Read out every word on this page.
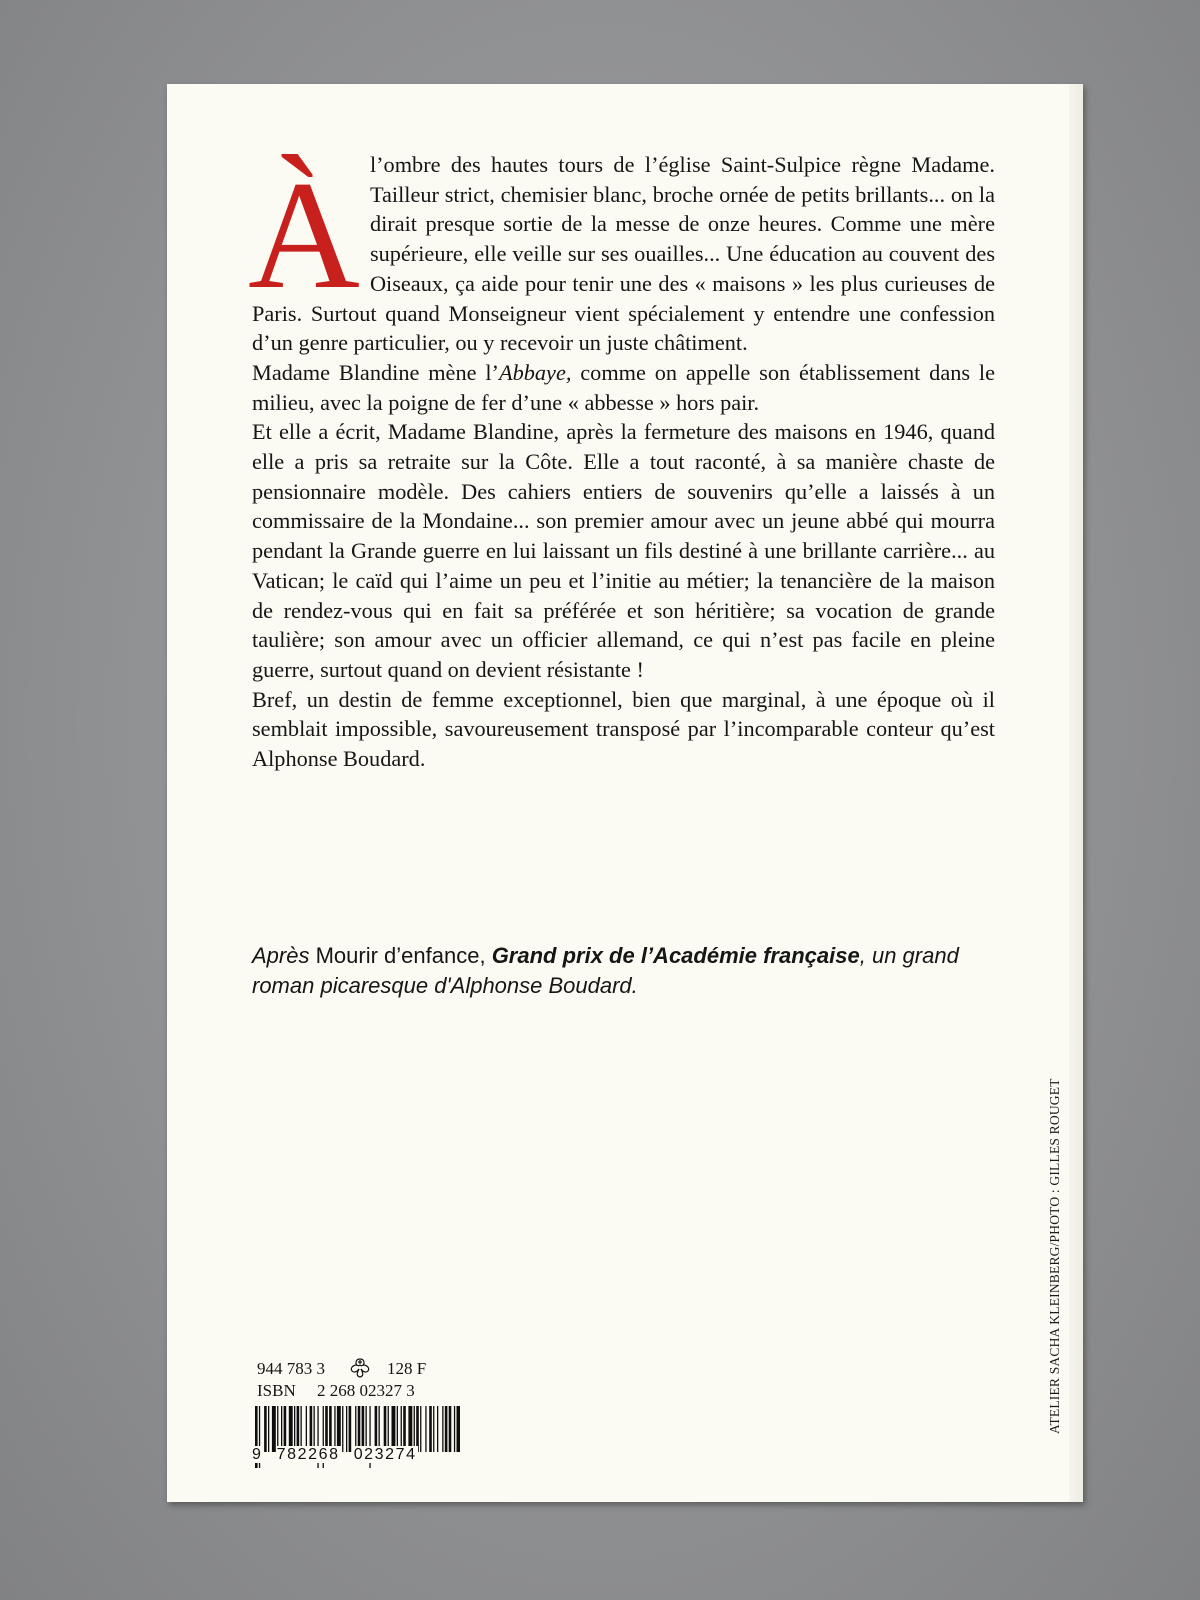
Àl’ombre des hautes tours de l’église Saint-Sulpice règne Madame. Tailleur strict, chemisier blanc, broche ornée de petits brillants... on la dirait presque sortie de la messe de onze heures. Comme une mère supérieure, elle veille sur ses ouailles... Une éducation au couvent des Oiseaux, ça aide pour tenir une des « maisons » les plus curieuses de Paris. Surtout quand Monseigneur vient spécialement y entendre une confession d’un genre particulier, ou y recevoir un juste châtiment.
Madame Blandine mène l’Abbaye, comme on appelle son établissement dans le milieu, avec la poigne de fer d’une « abbesse » hors pair.

Et elle a écrit, Madame Blandine, après la fermeture des maisons en 1946, quand elle a pris sa retraite sur la Côte. Elle a tout raconté, à sa manière chaste de pensionnaire modèle. Des cahiers entiers de souvenirs qu’elle a laissés à un commissaire de la Mondaine... son premier amour avec un jeune abbé qui mourra pendant la Grande guerre en lui laissant un fils destiné à une brillante carrière... au Vatican; le caïd qui l’aime un peu et l’initie au métier; la tenancière de la maison de rendez-vous qui en fait sa préférée et son héritière; sa vocation de grande taulière; son amour avec un officier allemand, ce qui n’est pas facile en pleine guerre, surtout quand on devient résistante !

Bref, un destin de femme exceptionnel, bien que marginal, à une époque où il semblait impossible, savoureusement transposé par l’incomparable conteur qu’est Alphonse Boudard.

Après Mourir d’enfance, Grand prix de l’Académie française, un grand roman picaresque d'Alphonse Boudard.
944 783 3	128 F
ISBN	2 268 02327 3
9 782268 023274
ATELIER SACHA KLEINBERG/PHOTO : GILLES ROUGET
